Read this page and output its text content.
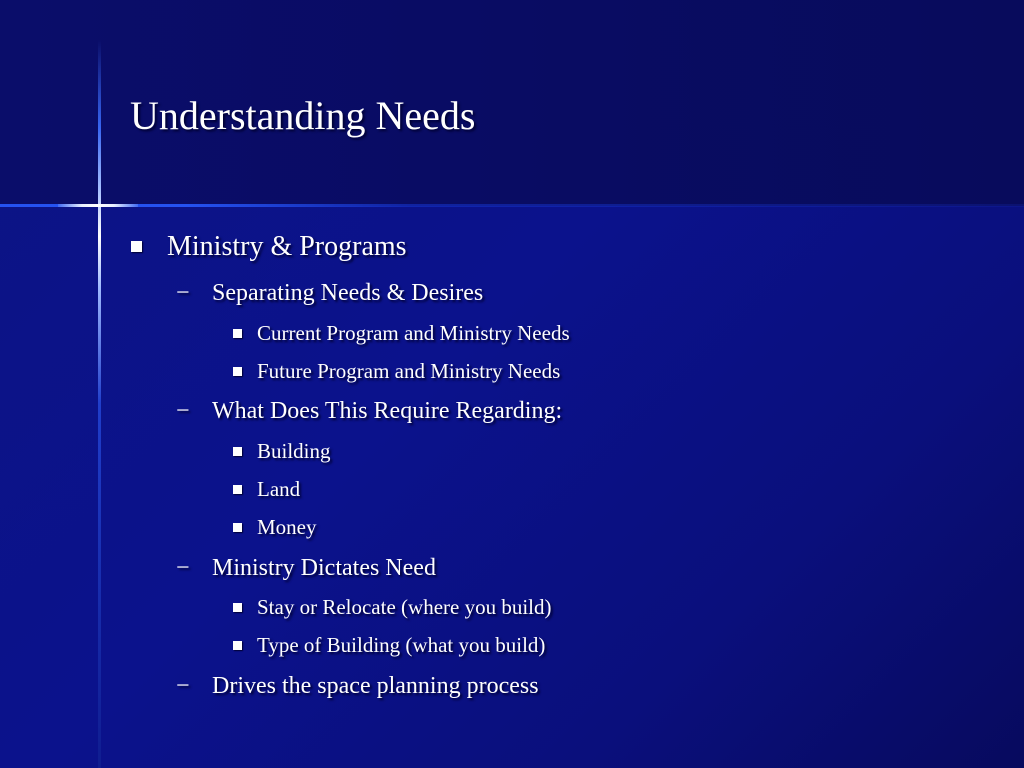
Understanding Needs
Ministry & Programs
− Separating Needs & Desires
Current Program and Ministry Needs
Future Program and Ministry Needs
− What Does This Require Regarding:
Building
Land
Money
− Ministry Dictates Need
Stay or Relocate (where you build)
Type of Building (what you build)
− Drives the space planning process
